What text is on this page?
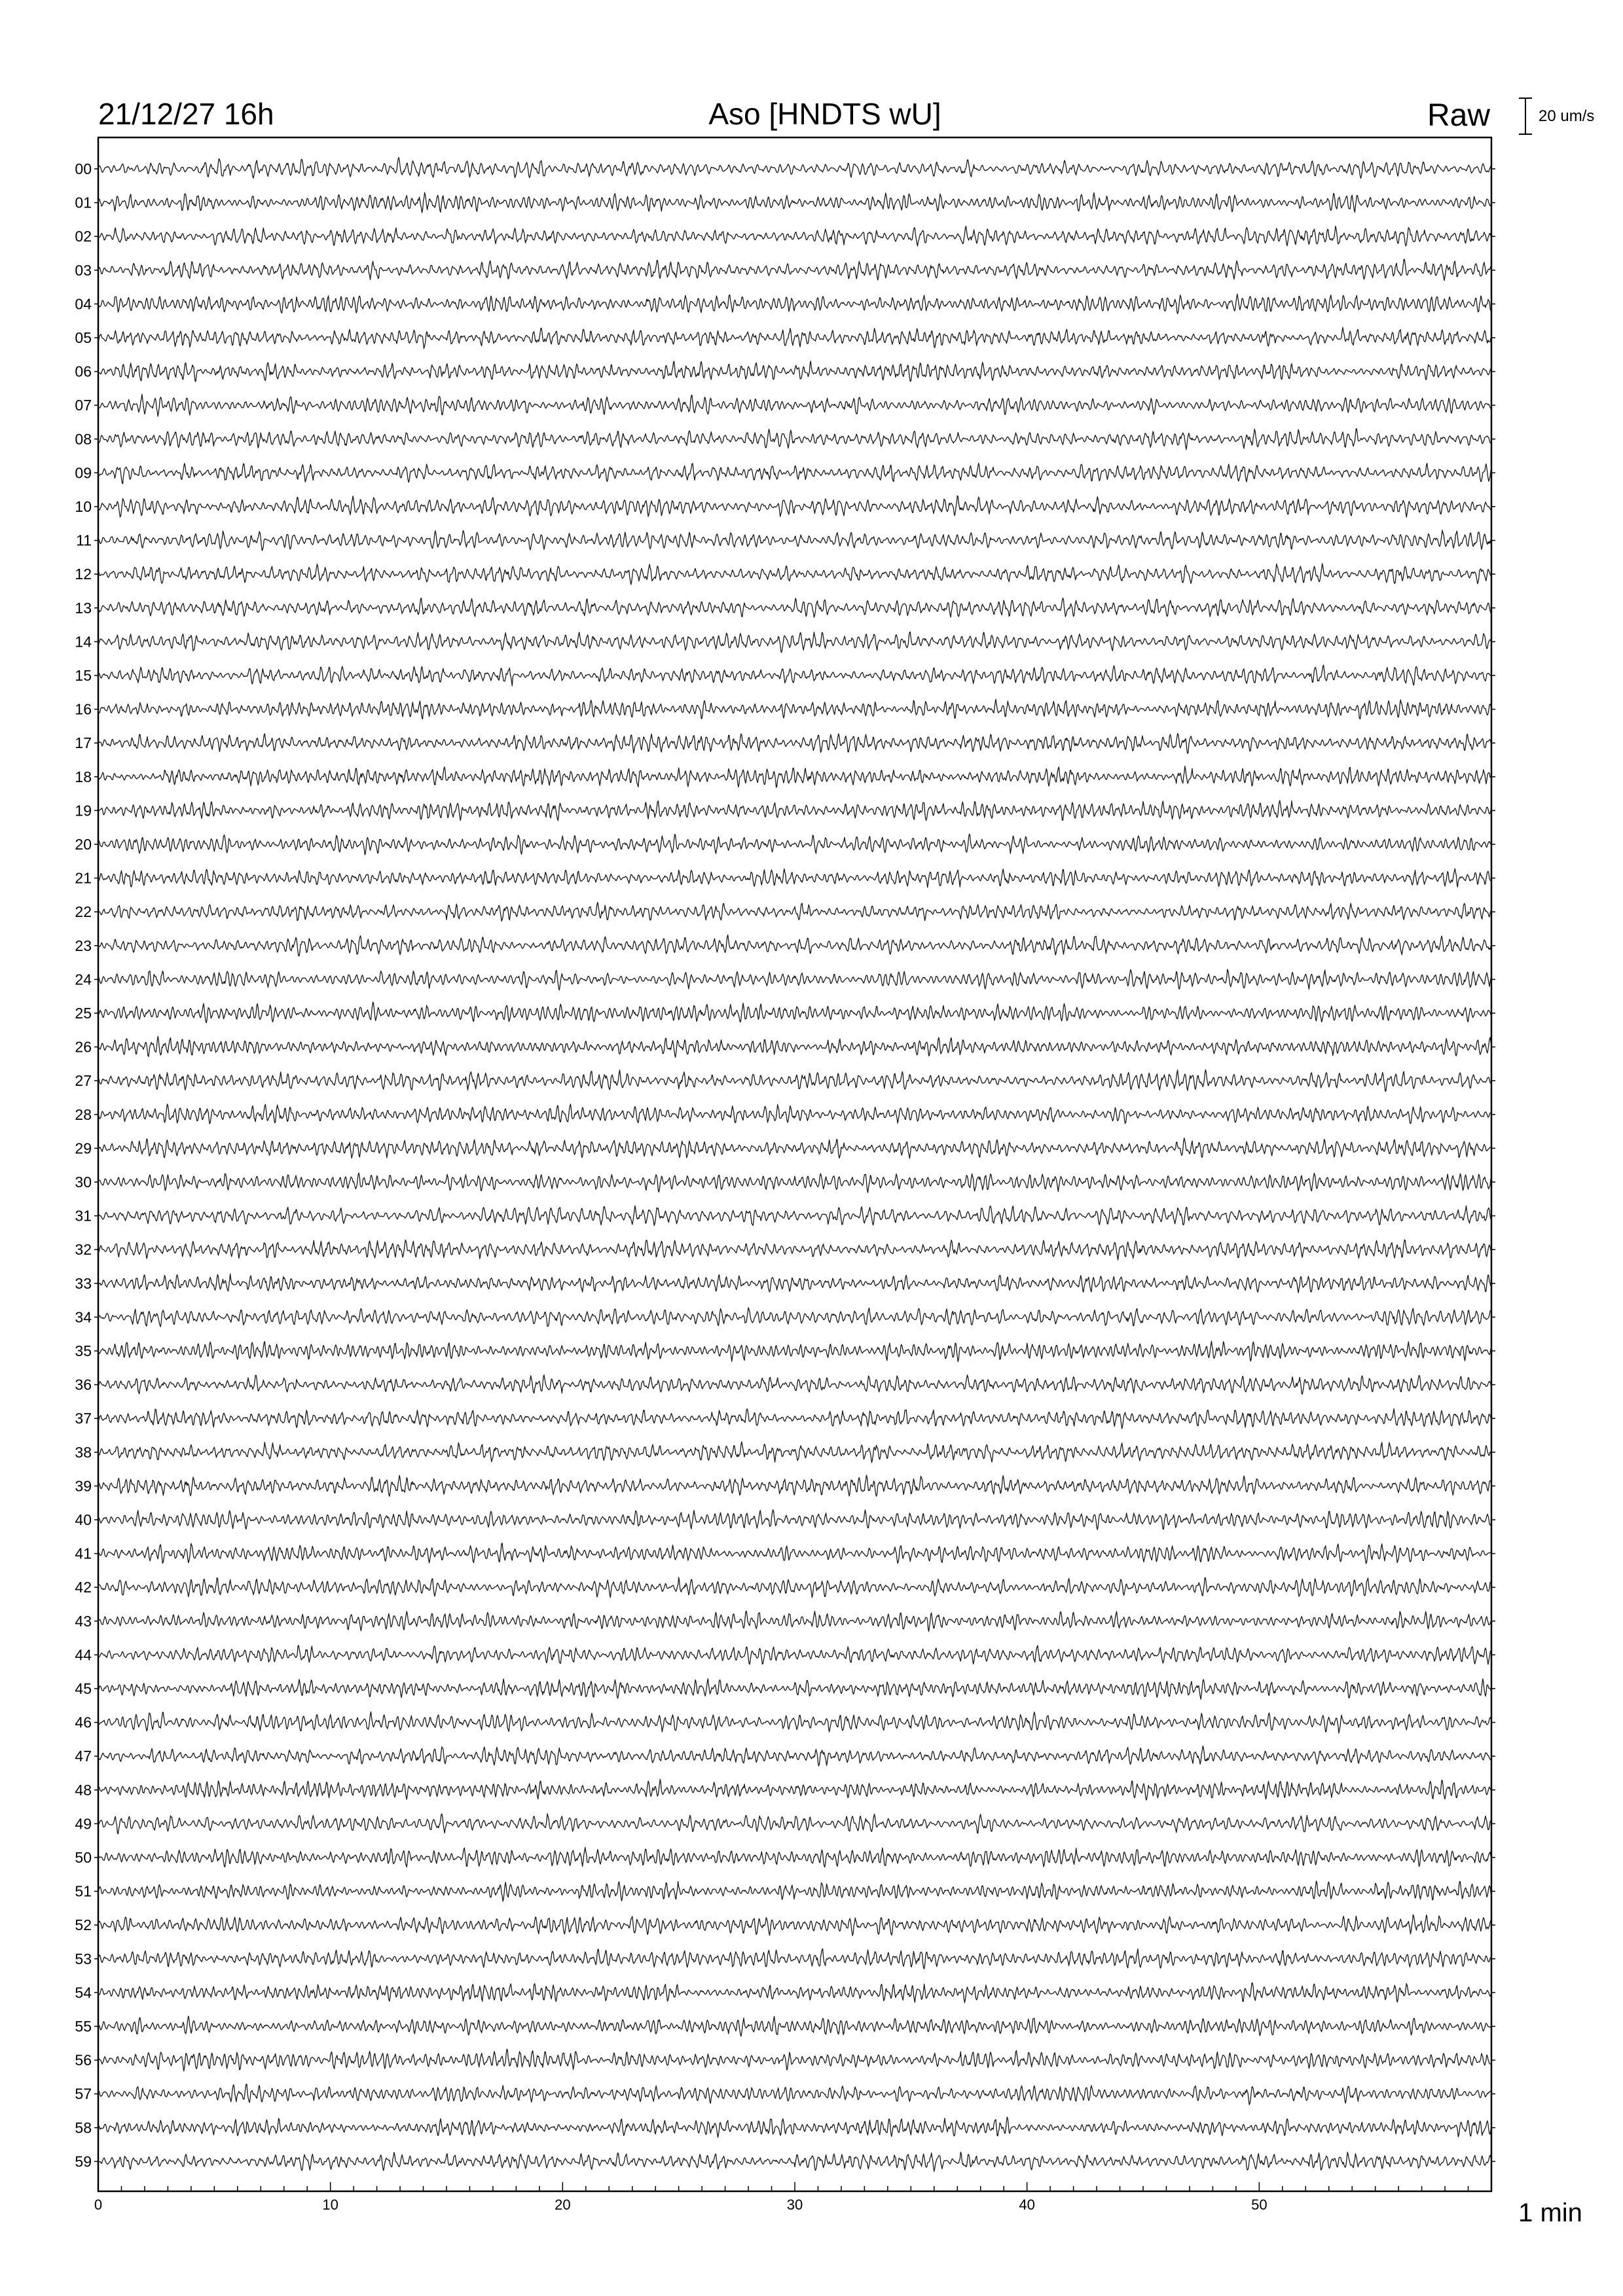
21/12/27 16h	Aso [HNDTS wU]	Raw	20 um/s
00
01
02
03
04
05
06
07
08
09
10
11
12
13
14
15
16
17
18
19
20
21
22
23
24
25
26
27
28
29
30
31
32
33
34
35
36
37
38
39
40
41
42
43
44
45
46
47
48
49
50
51
52
53
54
55
56
57
58
59
0	10	20	30	40	50	1 min
